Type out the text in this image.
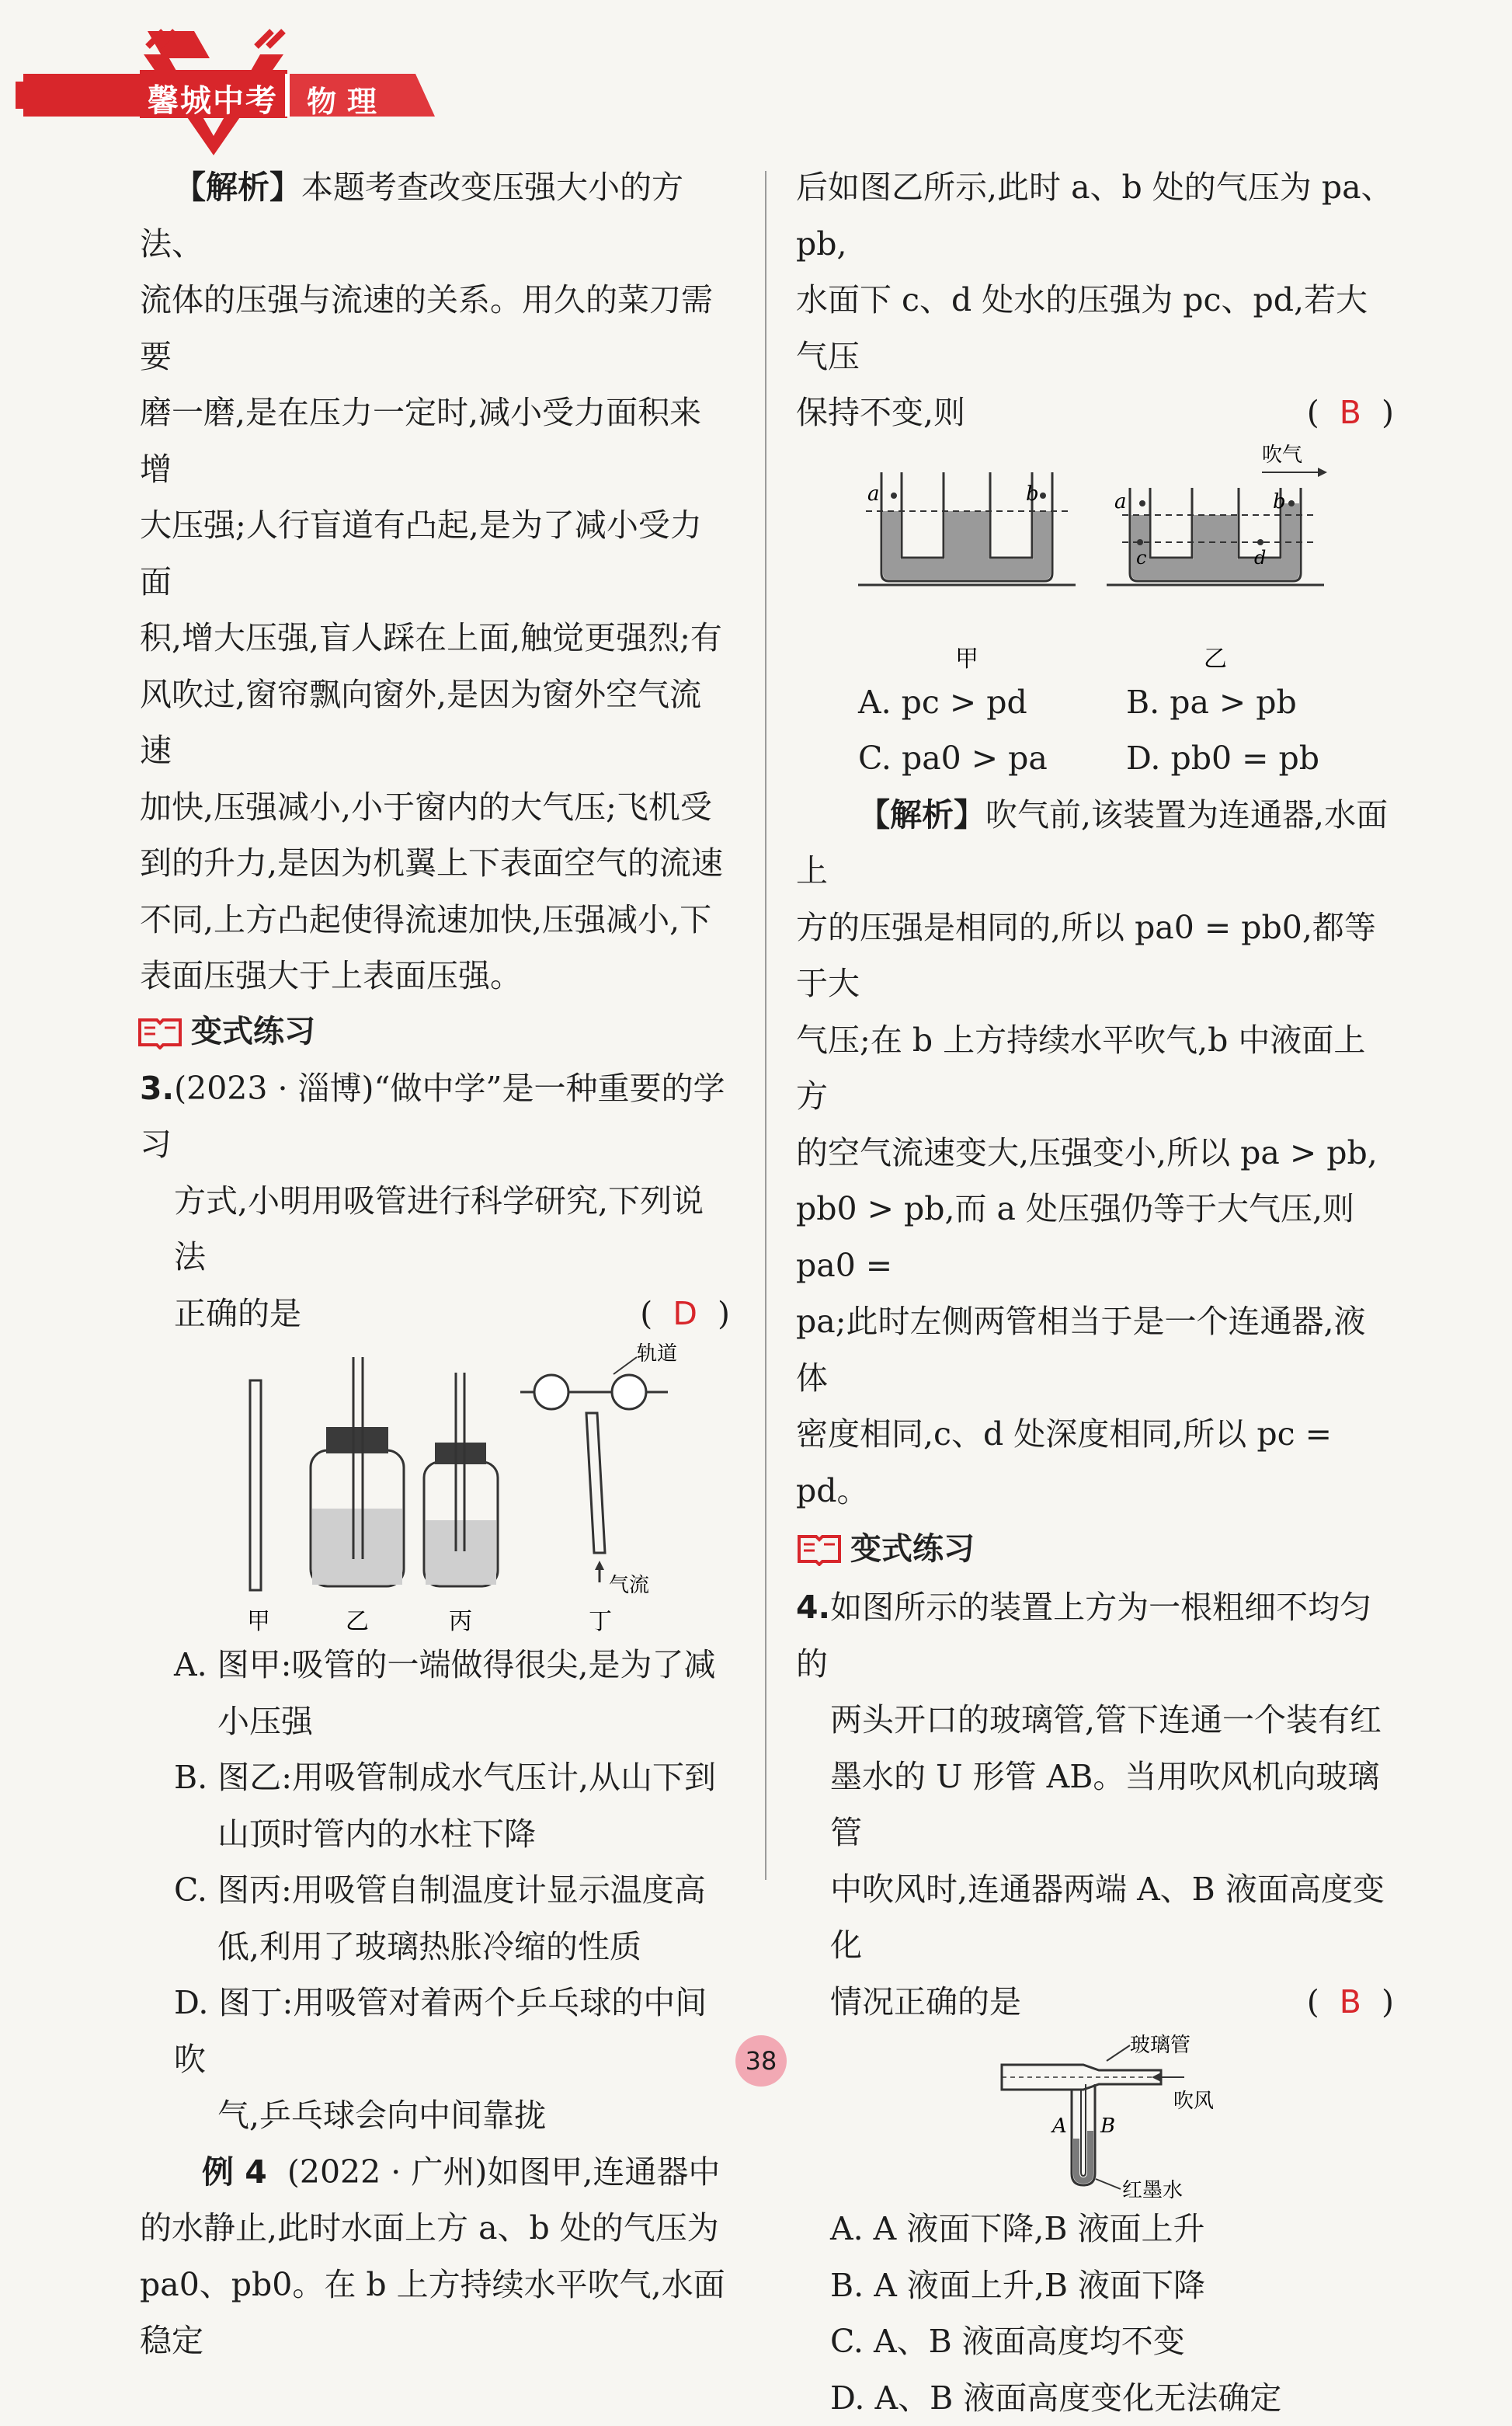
馨城中考 物理

【解析】本题考查改变压强大小的方法、

流体的压强与流速的关系。用久的菜刀需要

磨一磨,是在压力一定时,减小受力面积来增

大压强;人行盲道有凸起,是为了减小受力面

积,增大压强,盲人踩在上面,触觉更强烈;有

风吹过,窗帘飘向窗外,是因为窗外空气流速

加快,压强减小,小于窗内的大气压;飞机受

到的升力,是因为机翼上下表面空气的流速

不同,上方凸起使得流速加快,压强减小,下

表面压强大于上表面压强。

变式练习

3.(2023 · 淄博)“做中学”是一种重要的学习

方式,小明用吸管进行科学研究,下列说法

正确的是	(  D  )

轨道
气流
甲	乙	丙	丁

A. 图甲:吸管的一端做得很尖,是为了减

小压强

B. 图乙:用吸管制成水气压计,从山下到

山顶时管内的水柱下降

C. 图丙:用吸管自制温度计显示温度高

低,利用了玻璃热胀冷缩的性质

D. 图丁:用吸管对着两个乒乓球的中间吹

气,乒乓球会向中间靠拢

例 4 (2022 · 广州)如图甲,连通器中

的水静止,此时水面上方 a、b 处的气压为

pa0、pb0。在 b 上方持续水平吹气,水面稳定

后如图乙所示,此时 a、b 处的气压为 pa、pb,

水面下 c、d 处水的压强为 pc、pd,若大气压

保持不变,则	(  B  )

a	b	a	b
c	d
吹气
甲	乙
A. pc > pd	B. pa > pb
C. pa0 > pa	D. pb0 = pb

【解析】吹气前,该装置为连通器,水面上

方的压强是相同的,所以 pa0 = pb0,都等于大

气压;在 b 上方持续水平吹气,b 中液面上方

的空气流速变大,压强变小,所以 pa > pb,

pb0 > pb,而 a 处压强仍等于大气压,则 pa0 =

pa;此时左侧两管相当于是一个连通器,液体

密度相同,c、d 处深度相同,所以 pc = pd。

变式练习

4.如图所示的装置上方为一根粗细不均匀的

两头开口的玻璃管,管下连通一个装有红

墨水的 U 形管 AB。当用吹风机向玻璃管

中吹风时,连通器两端 A、B 液面高度变化

情况正确的是	(  B  )

玻璃管
吹风
A B
红墨水

A. A 液面下降,B 液面上升

B. A 液面上升,B 液面下降

C. A、B 液面高度均不变

D. A、B 液面高度变化无法确定

38
